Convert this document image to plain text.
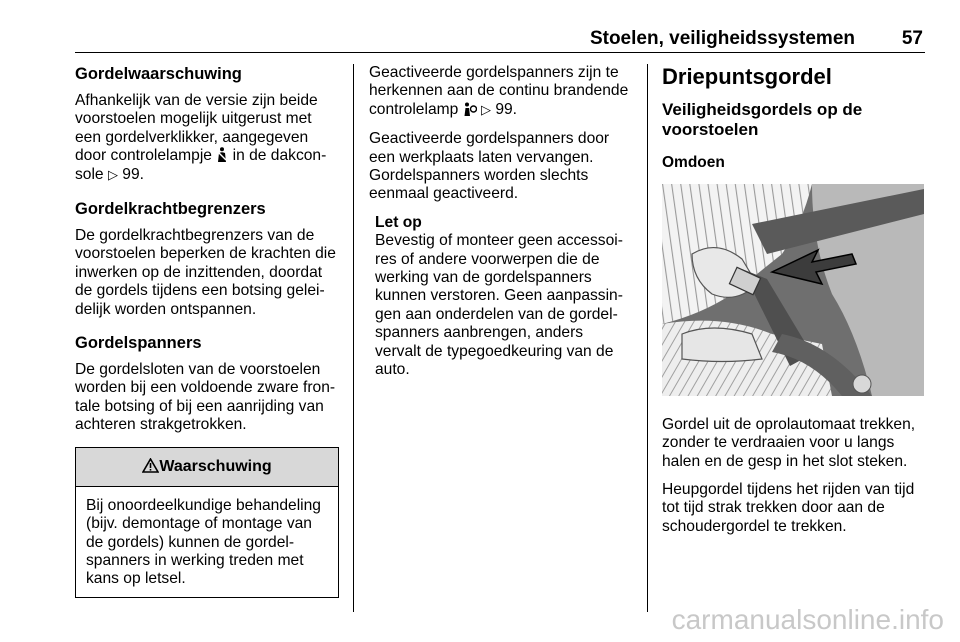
Stoelen, veiligheidssystemen 57
Gordelwaarschuwing

Afhankelijk van de versie zijn beide voorstoelen mogelijk uitgerust met een gordelverklikker, aangegeven door controlelampje in de dakconsole ▷ 99.

Gordelkrachtbegrenzers

De gordelkrachtbegrenzers van de voorstoelen beperken de krachten die inwerken op de inzittenden, doordat de gordels tijdens een botsing geleidelijk worden ontspannen.

Gordelspanners

De gordelsloten van de voorstoelen worden bij een voldoende zware frontale botsing of bij een aanrijding van achteren strakgetrokken.

Waarschuwing
Bij onoordeelkundige behandeling (bijv. demontage of montage van de gordels) kunnen de gordelspanners in werking treden met kans op letsel.

Geactiveerde gordelspanners zijn te herkennen aan de continu brandende controlelamp ▷ 99.

Geactiveerde gordelspanners door een werkplaats laten vervangen. Gordelspanners worden slechts eenmaal geactiveerd.

Let op
Bevestig of monteer geen accessoires of andere voorwerpen die de werking van de gordelspanners kunnen verstoren. Geen aanpassingen aan onderdelen van de gordelspanners aanbrengen, anders vervalt de typegoedkeuring van de auto.
Driepuntsgordel
Veiligheidsgordels op de voorstoelen
Omdoen

Gordel uit de oprolautomaat trekken, zonder te verdraaien voor u langs halen en de gesp in het slot steken.

Heupgordel tijdens het rijden van tijd tot tijd strak trekken door aan de schoudergordel te trekken.

carmanualsonline.info
